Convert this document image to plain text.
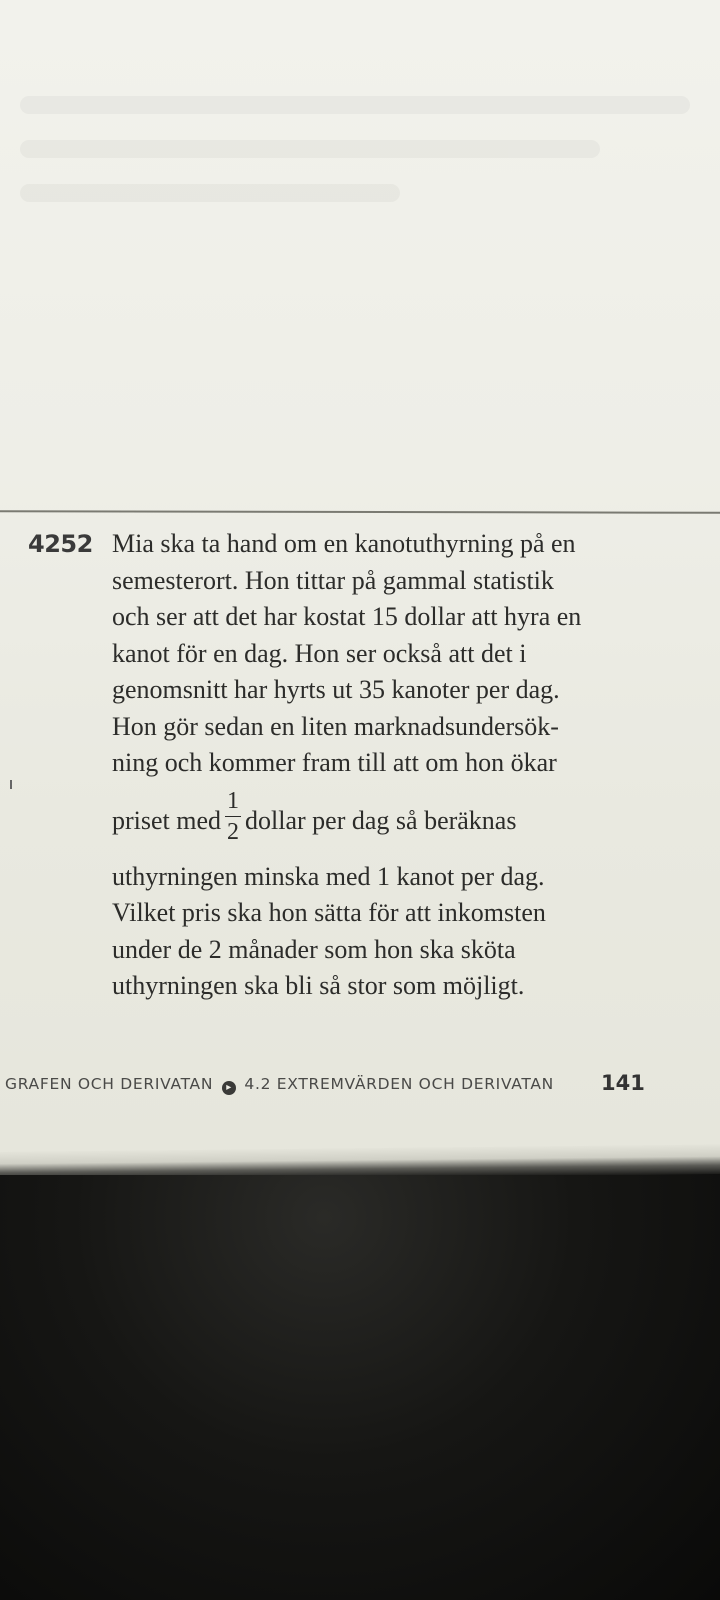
4252 Mia ska ta hand om en kanotuthyrning på en
semesterort. Hon tittar på gammal statistik
och ser att det har kostat 15 dollar att hyra en
kanot för en dag. Hon ser också att det i
genomsnitt har hyrts ut 35 kanoter per dag.
Hon gör sedan en liten marknadsundersök-
ning och kommer fram till att om hon ökar
priset med $\frac{1}{2}$ dollar per dag så beräknas
uthyrningen minska med 1 kanot per dag.
Vilket pris ska hon sätta för att inkomsten
under de 2 månader som hon ska sköta
uthyrningen ska bli så stor som möjligt.
GRAFEN OCH DERIVATAN ▸ 4.2 EXTREMVÄRDEN OCH DERIVATAN 141
